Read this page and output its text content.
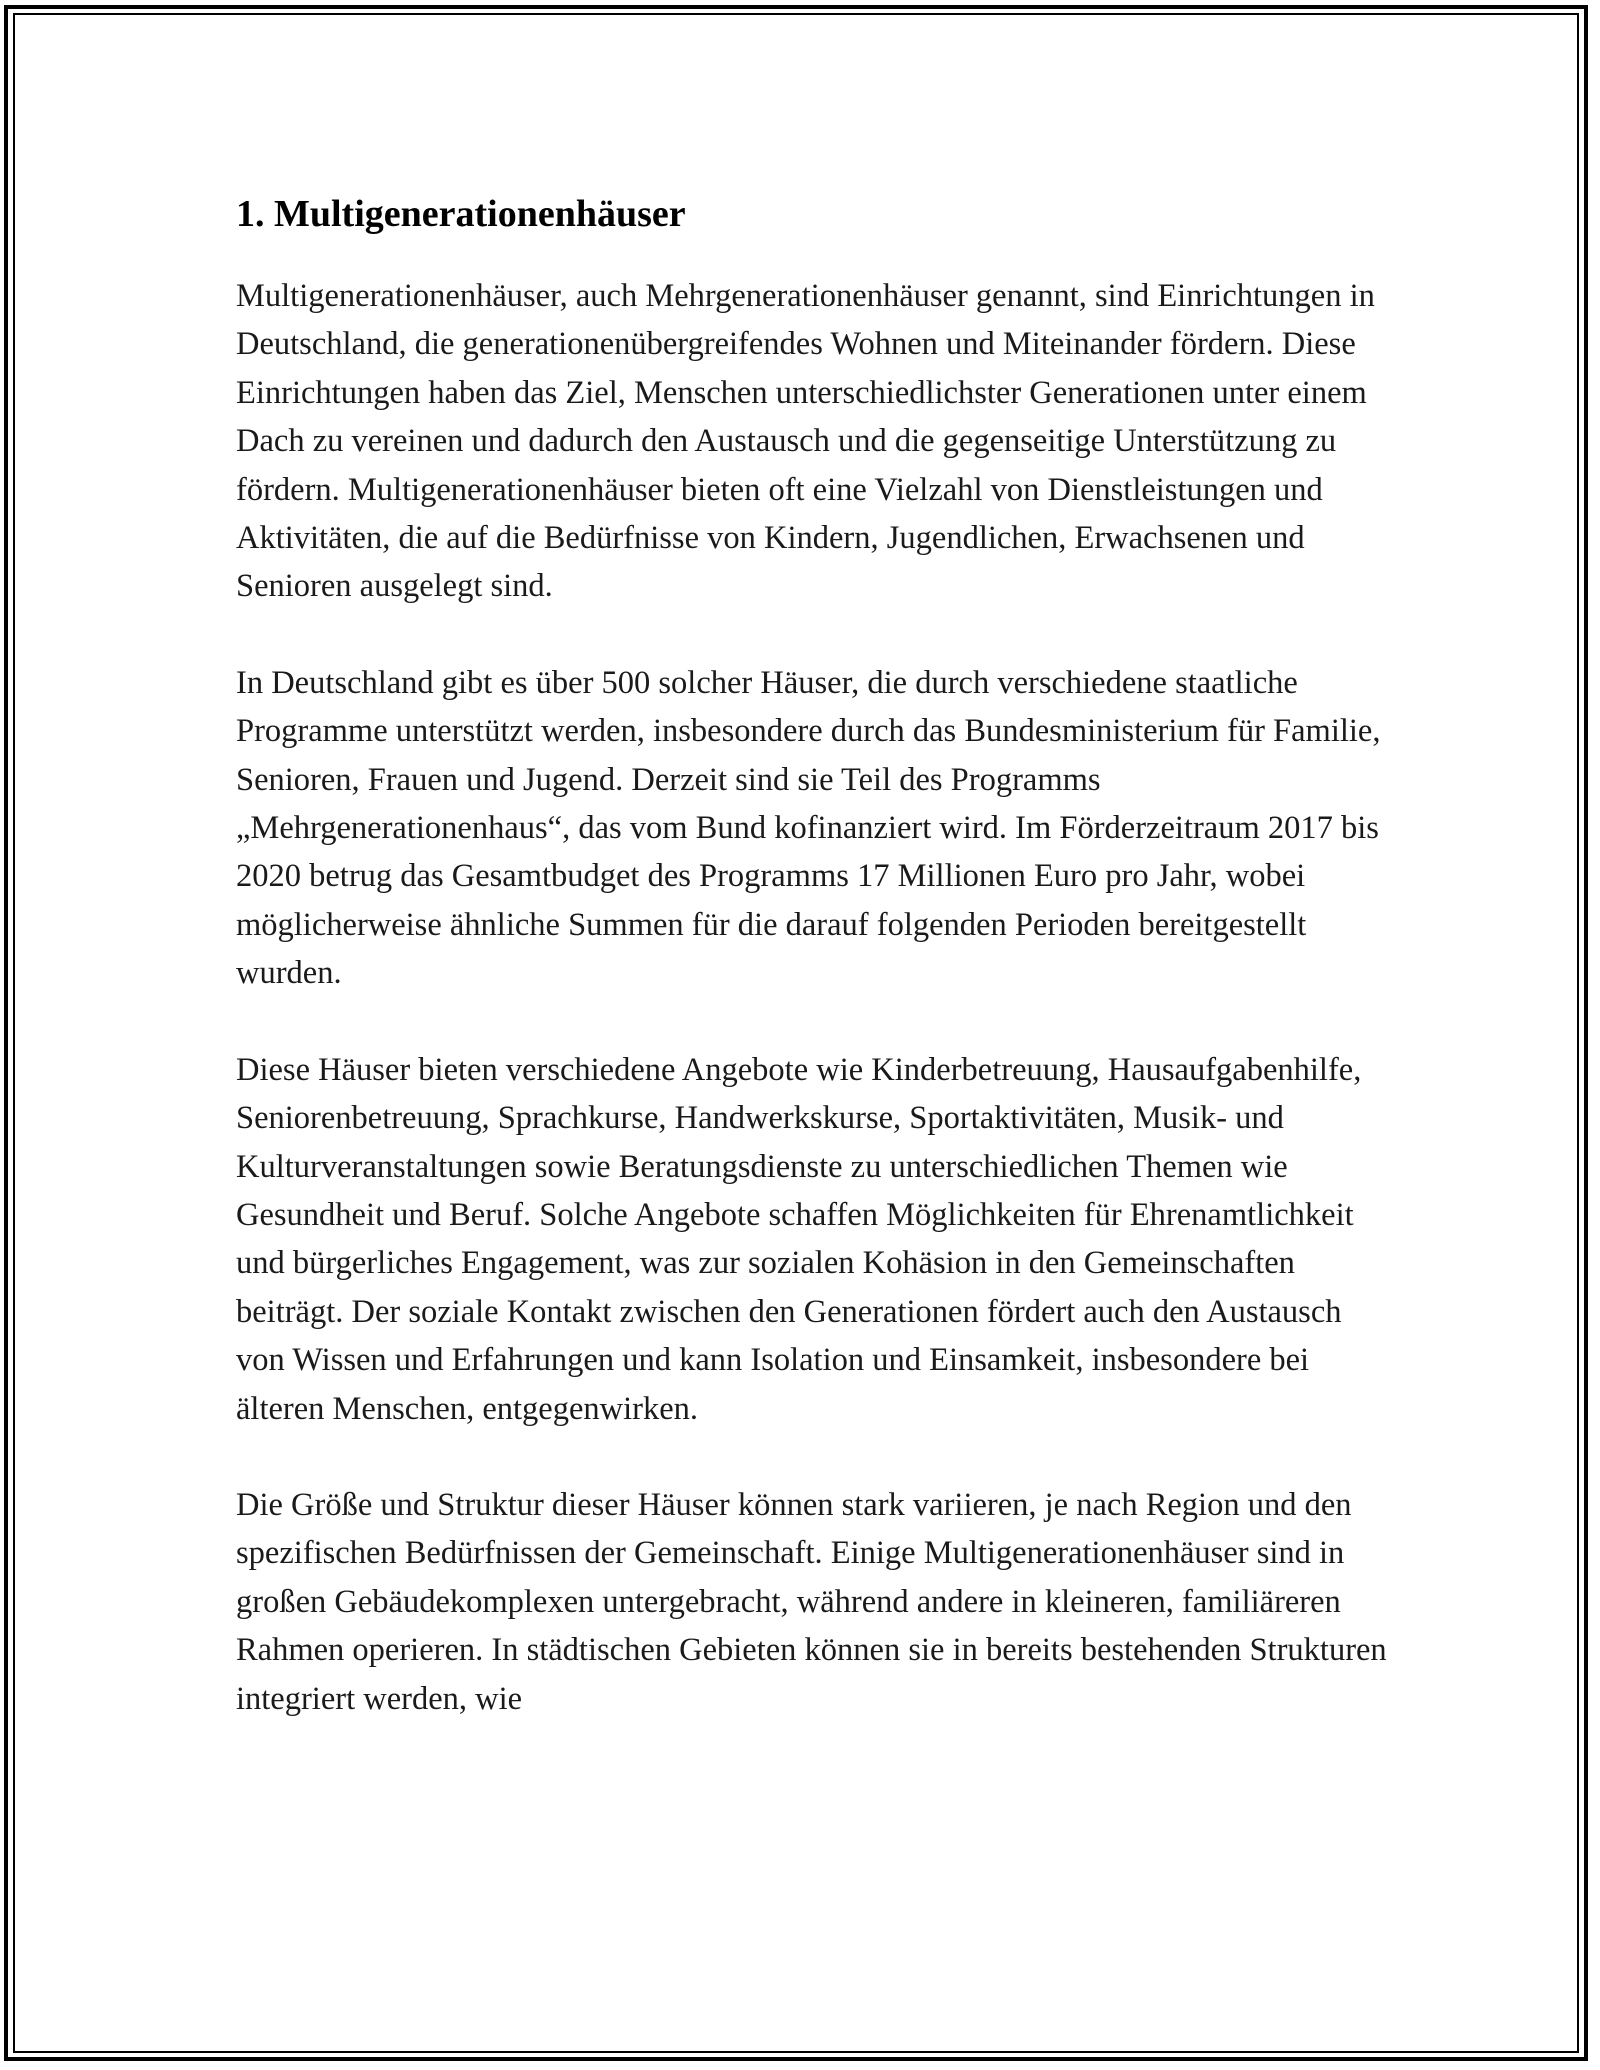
1. Multigenerationenhäuser

Multigenerationenhäuser, auch Mehrgenerationenhäuser genannt, sind Einrichtungen in Deutschland, die generationenübergreifendes Wohnen und Miteinander fördern. Diese Einrichtungen haben das Ziel, Menschen unterschiedlichster Generationen unter einem Dach zu vereinen und dadurch den Austausch und die gegenseitige Unterstützung zu fördern. Multigenerationenhäuser bieten oft eine Vielzahl von Dienstleistungen und Aktivitäten, die auf die Bedürfnisse von Kindern, Jugendlichen, Erwachsenen und Senioren ausgelegt sind.

In Deutschland gibt es über 500 solcher Häuser, die durch verschiedene staatliche Programme unterstützt werden, insbesondere durch das Bundesministerium für Familie, Senioren, Frauen und Jugend. Derzeit sind sie Teil des Programms „Mehrgenerationenhaus“, das vom Bund kofinanziert wird. Im Förderzeitraum 2017 bis 2020 betrug das Gesamtbudget des Programms 17 Millionen Euro pro Jahr, wobei möglicherweise ähnliche Summen für die darauf folgenden Perioden bereitgestellt wurden.

Diese Häuser bieten verschiedene Angebote wie Kinderbetreuung, Hausaufgabenhilfe, Seniorenbetreuung, Sprachkurse, Handwerkskurse, Sportaktivitäten, Musik- und Kulturveranstaltungen sowie Beratungsdienste zu unterschiedlichen Themen wie Gesundheit und Beruf. Solche Angebote schaffen Möglichkeiten für Ehrenamtlichkeit und bürgerliches Engagement, was zur sozialen Kohäsion in den Gemeinschaften beiträgt. Der soziale Kontakt zwischen den Generationen fördert auch den Austausch von Wissen und Erfahrungen und kann Isolation und Einsamkeit, insbesondere bei älteren Menschen, entgegenwirken.

Die Größe und Struktur dieser Häuser können stark variieren, je nach Region und den spezifischen Bedürfnissen der Gemeinschaft. Einige Multigenerationenhäuser sind in großen Gebäudekomplexen untergebracht, während andere in kleineren, familiäreren Rahmen operieren. In städtischen Gebieten können sie in bereits bestehenden Strukturen integriert werden, wie
